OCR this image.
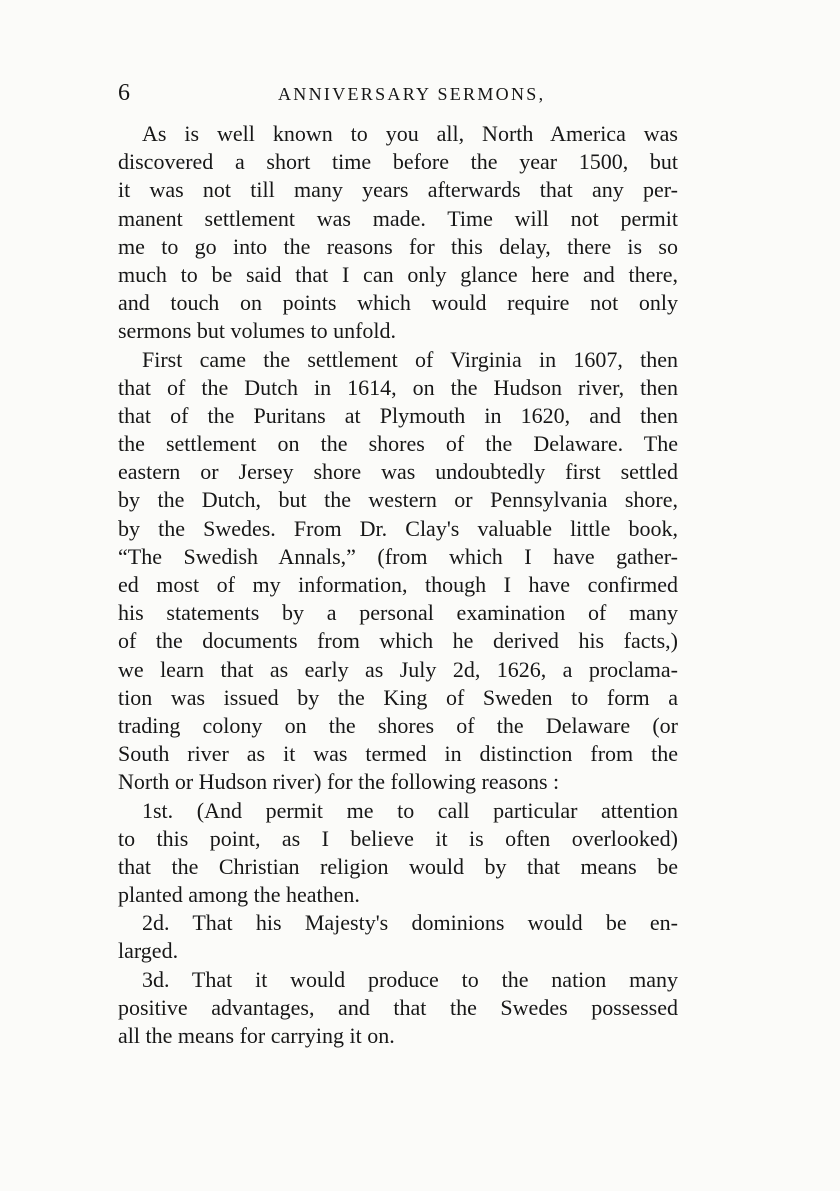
6	ANNIVERSARY SERMONS,
As is well known to you all, North America was
discovered a short time before the year 1500, but
it was not till many years afterwards that any per-
manent settlement was made. Time will not permit
me to go into the reasons for this delay, there is so
much to be said that I can only glance here and there,
and touch on points which would require not only
sermons but volumes to unfold.
First came the settlement of Virginia in 1607, then
that of the Dutch in 1614, on the Hudson river, then
that of the Puritans at Plymouth in 1620, and then
the settlement on the shores of the Delaware. The
eastern or Jersey shore was undoubtedly first settled
by the Dutch, but the western or Pennsylvania shore,
by the Swedes. From Dr. Clay's valuable little book,
“The Swedish Annals,” (from which I have gather-
ed most of my information, though I have confirmed
his statements by a personal examination of many
of the documents from which he derived his facts,)
we learn that as early as July 2d, 1626, a proclama-
tion was issued by the King of Sweden to form a
trading colony on the shores of the Delaware (or
South river as it was termed in distinction from the
North or Hudson river) for the following reasons :
1st. (And permit me to call particular attention
to this point, as I believe it is often overlooked)
that the Christian religion would by that means be
planted among the heathen.
2d. That his Majesty's dominions would be en-
larged.
3d. That it would produce to the nation many
positive advantages, and that the Swedes possessed
all the means for carrying it on.
